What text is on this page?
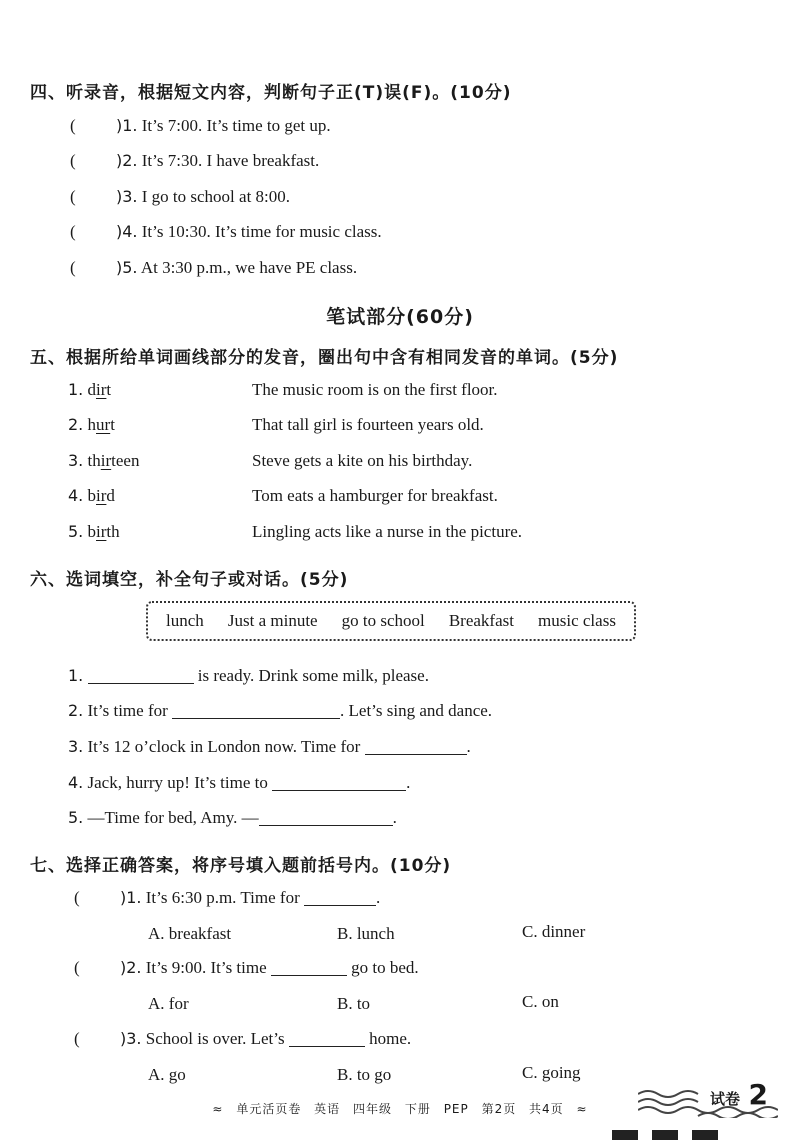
四、听录音，根据短文内容，判断句子正(T)误(F)。(10分)
(	)1. It’s 7:00. It’s time to get up.
(	)2. It’s 7:30. I have breakfast.
(	)3. I go to school at 8:00.
(	)4. It’s 10:30. It’s time for music class.
(	)5. At 3:30 p.m., we have PE class.
笔试部分(60分)
五、根据所给单词画线部分的发音，圈出句中含有相同发音的单词。(5分)
1. dirt	The music room is on the first floor.
2. hurt	That tall girl is fourteen years old.
3. thirteen	Steve gets a kite on his birthday.
4. bird	Tom eats a hamburger for breakfast.
5. birth	Lingling acts like a nurse in the picture.
六、选词填空，补全句子或对话。(5分)
lunch Just a minute go to school Breakfast music class
1.	is ready. Drink some milk, please.
2. It’s time for	. Let’s sing and dance.
3. It’s 12 o’clock in London now. Time for	.
4. Jack, hurry up! It’s time to	.
5. —Time for bed, Amy. —	.
七、选择正确答案，将序号填入题前括号内。(10分)
(	)1. It’s 6:30 p.m. Time for	.
A. breakfast	B. lunch	C. dinner
(	)2. It’s 9:00. It’s time	go to bed.
A. for	B. to	C. on
(	)3. School is over. Let’s	home.
A. go	B. to go	C. going
≈ 单元活页卷 英语 四年级 下册 PEP 第2页 共4页 ≈
试卷 2
